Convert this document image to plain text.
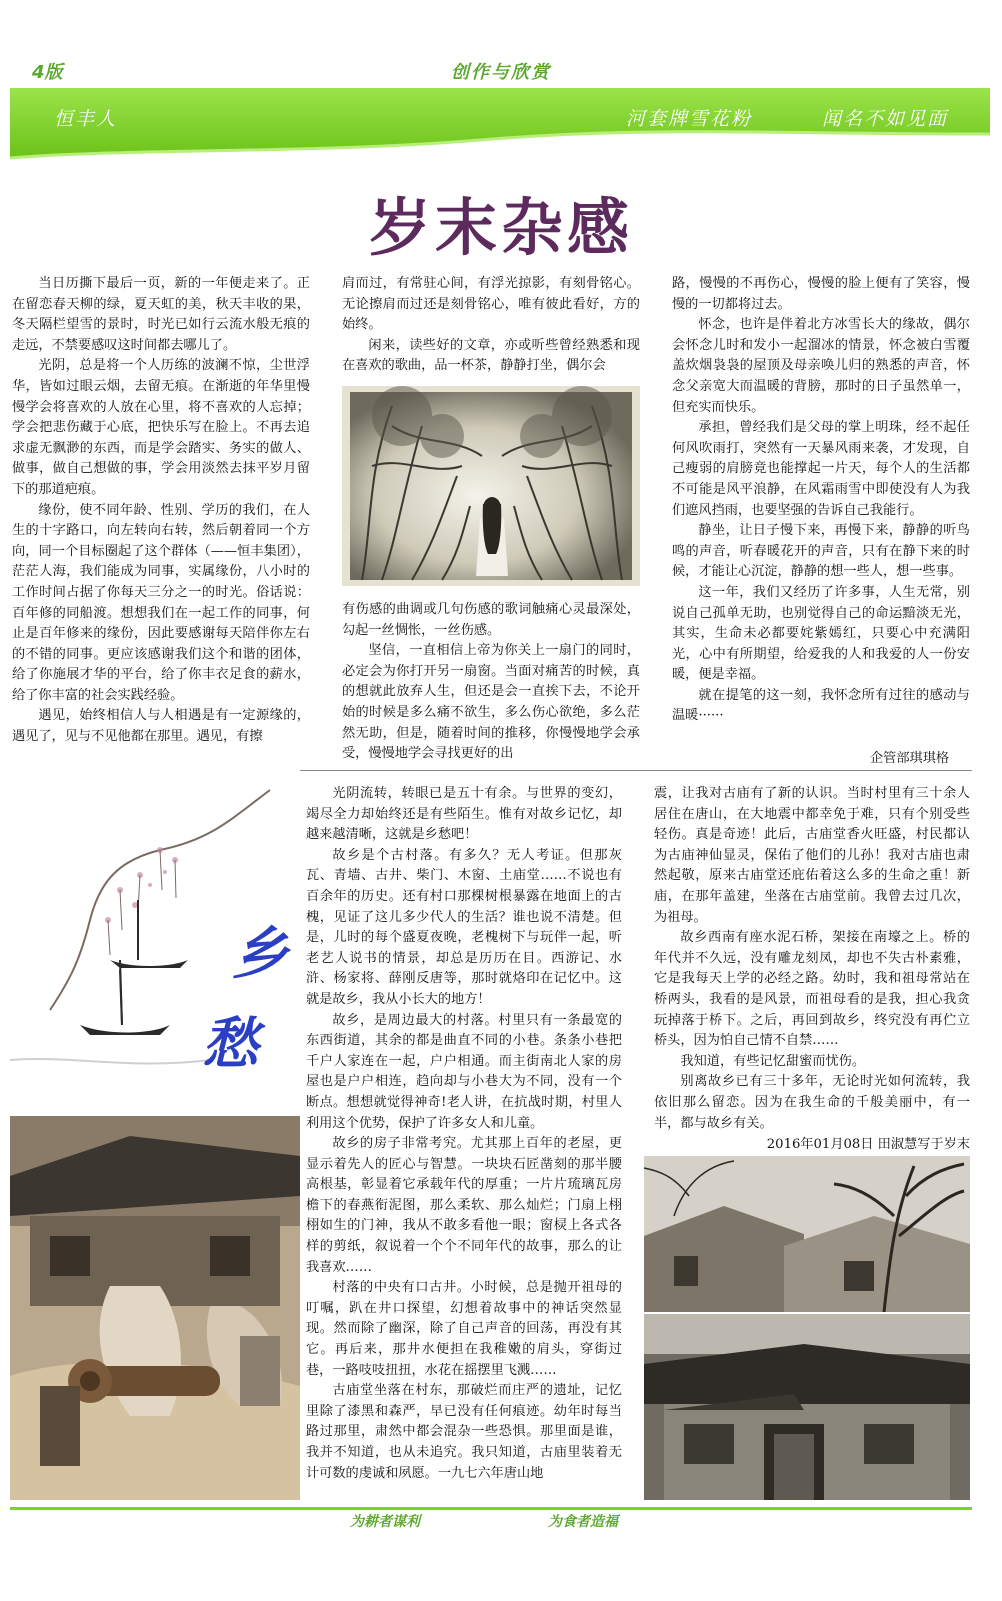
4版	创作与欣赏
恒丰人	河套牌雪花粉	闻名不如见面
岁末杂感

当日历撕下最后一页，新的一年便走来了。正在留恋春天柳的绿，夏天虹的美，秋天丰收的果，冬天隔栏望雪的景时，时光已如行云流水般无痕的走远，不禁要感叹这时间都去哪儿了。

光阴，总是将一个人历练的波澜不惊，尘世浮华，皆如过眼云烟，去留无痕。在渐逝的年华里慢慢学会将喜欢的人放在心里，将不喜欢的人忘掉；学会把悲伤藏于心底，把快乐写在脸上。不再去追求虚无飘渺的东西，而是学会踏实、务实的做人、做事，做自己想做的事，学会用淡然去抹平岁月留下的那道疤痕。

缘份，使不同年龄、性别、学历的我们，在人生的十字路口，向左转向右转，然后朝着同一个方向，同一个目标圈起了这个群体（——恒丰集团），茫茫人海，我们能成为同事，实属缘份，八小时的工作时间占据了你每天三分之一的时光。俗话说：百年修的同船渡。想想我们在一起工作的同事，何止是百年修来的缘份，因此要感谢每天陪伴你左右的不错的同事。更应该感谢我们这个和谐的团体，给了你施展才华的平台，给了你丰衣足食的薪水，给了你丰富的社会实践经验。

遇见，始终相信人与人相遇是有一定源缘的，遇见了，见与不见他都在那里。遇见，有擦

肩而过，有常驻心间，有浮光掠影，有刻骨铭心。无论擦肩而过还是刻骨铭心，唯有彼此看好，方的始终。

闲来，读些好的文章，亦或听些曾经熟悉和现在喜欢的歌曲，品一杯茶，静静打坐，偶尔会

有伤感的曲调或几句伤感的歌词触痛心灵最深处，勾起一丝惆怅，一丝伤感。

坚信，一直相信上帝为你关上一扇门的同时，必定会为你打开另一扇窗。当面对痛苦的时候，真的想就此放弃人生，但还是会一直挨下去，不论开始的时候是多么痛不欲生，多么伤心欲绝，多么茫然无助，但是，随着时间的推移，你慢慢地学会承受，慢慢地学会寻找更好的出

路，慢慢的不再伤心，慢慢的脸上便有了笑容，慢慢的一切都将过去。

怀念，也许是伴着北方冰雪长大的缘故，偶尔会怀念儿时和发小一起溜冰的情景，怀念被白雪覆盖炊烟袅袅的屋顶及母亲唤儿归的熟悉的声音，怀念父亲宽大而温暖的背膀，那时的日子虽然单一，但充实而快乐。

承担，曾经我们是父母的掌上明珠，经不起任何风吹雨打，突然有一天暴风雨来袭，才发现，自己瘦弱的肩膀竟也能撑起一片天，每个人的生活都不可能是风平浪静，在风霜雨雪中即使没有人为我们遮风挡雨，也要坚强的告诉自己我能行。

静坐，让日子慢下来，再慢下来，静静的听鸟鸣的声音，听春暖花开的声音，只有在静下来的时候，才能让心沉淀，静静的想一些人，想一些事。

这一年，我们又经历了许多事，人生无常，别说自己孤单无助，也别觉得自己的命运黯淡无光，其实，生命未必都要姹紫嫣红，只要心中充满阳光，心中有所期望，给爱我的人和我爱的人一份安暖，便是幸福。

就在提笔的这一刻，我怀念所有过往的感动与温暖······

企管部琪琪格
乡
愁

光阴流转，转眼已是五十有余。与世界的变幻，竭尽全力却始终还是有些陌生。惟有对故乡记忆，却越来越清晰，这就是乡愁吧！

故乡是个古村落。有多久？无人考证。但那灰瓦、青墙、古井、柴门、木窗、土庙堂……不说也有百余年的历史。还有村口那棵树根暴露在地面上的古槐，见证了这儿多少代人的生活？谁也说不清楚。但是，儿时的每个盛夏夜晚，老槐树下与玩伴一起，听老艺人说书的情景，却总是历历在目。西游记、水浒、杨家将、薛刚反唐等，那时就烙印在记忆中。这就是故乡，我从小长大的地方！

故乡，是周边最大的村落。村里只有一条最宽的东西街道，其余的都是曲直不同的小巷。条条小巷把千户人家连在一起，户户相通。而主街南北人家的房屋也是户户相连，趋向却与小巷大为不同，没有一个断点。想想就觉得神奇!老人讲，在抗战时期，村里人利用这个优势，保护了许多女人和儿童。

故乡的房子非常考究。尤其那上百年的老屋，更显示着先人的匠心与智慧。一块块石匠凿刻的那半腰高根基，彰显着它承载年代的厚重；一片片琉璃瓦房檐下的春燕衔泥图，那么柔软、那么灿烂；门扇上栩栩如生的门神，我从不敢多看他一眼；窗棂上各式各样的剪纸，叙说着一个个不同年代的故事，那么的让我喜欢……

村落的中央有口古井。小时候，总是抛开祖母的叮嘱，趴在井口探望，幻想着故事中的神话突然显现。然而除了幽深，除了自己声音的回荡，再没有其它。再后来，那井水便担在我稚嫩的肩头，穿街过巷，一路吱吱扭扭，水花在摇摆里飞溅……

古庙堂坐落在村东，那破烂而庄严的遗址，记忆里除了漆黑和森严，早已没有任何痕迹。幼年时每当路过那里，肃然中都会混杂一些恐惧。那里面是谁，我并不知道，也从未追究。我只知道，古庙里装着无计可数的虔诚和夙愿。一九七六年唐山地

震，让我对古庙有了新的认识。当时村里有三十余人居住在唐山，在大地震中都幸免于难，只有个别受些轻伤。真是奇迹！此后，古庙堂香火旺盛，村民都认为古庙神仙显灵，保佑了他们的儿孙！我对古庙也肃然起敬，原来古庙堂还庇佑着这么多的生命之重！新庙，在那年盖建，坐落在古庙堂前。我曾去过几次，为祖母。

故乡西南有座水泥石桥，架接在南壕之上。桥的年代并不久远，没有雕龙刻凤，却也不失古朴素雅，它是我每天上学的必经之路。幼时，我和祖母常站在桥两头，我看的是风景，而祖母看的是我，担心我贪玩掉落于桥下。之后，再回到故乡，终究没有再伫立桥头，因为怕自己情不自禁……

我知道，有些记忆甜蜜而忧伤。

别离故乡已有三十多年，无论时光如何流转，我依旧那么留恋。因为在我生命的千般美丽中，有一半，都与故乡有关。

2016年01月08日 田淑慧写于岁末
为耕者谋利	为食者造福
